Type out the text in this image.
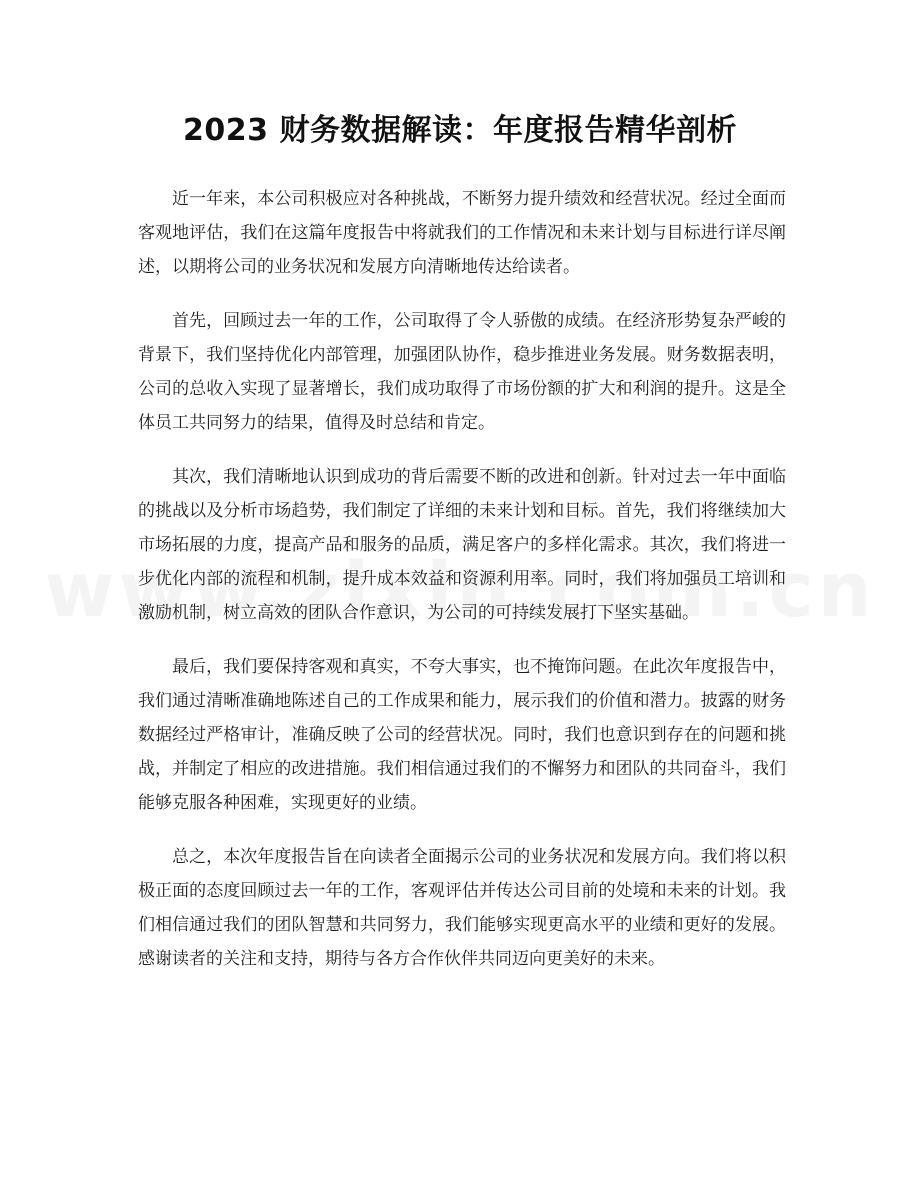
2023 财务数据解读：年度报告精华剖析

近一年来，本公司积极应对各种挑战，不断努力提升绩效和经营状况。经过全面而客观地评估，我们在这篇年度报告中将就我们的工作情况和未来计划与目标进行详尽阐述，以期将公司的业务状况和发展方向清晰地传达给读者。

首先，回顾过去一年的工作，公司取得了令人骄傲的成绩。在经济形势复杂严峻的背景下，我们坚持优化内部管理，加强团队协作，稳步推进业务发展。财务数据表明，公司的总收入实现了显著增长，我们成功取得了市场份额的扩大和利润的提升。这是全体员工共同努力的结果，值得及时总结和肯定。

其次，我们清晰地认识到成功的背后需要不断的改进和创新。针对过去一年中面临的挑战以及分析市场趋势，我们制定了详细的未来计划和目标。首先，我们将继续加大市场拓展的力度，提高产品和服务的品质，满足客户的多样化需求。其次，我们将进一步优化内部的流程和机制，提升成本效益和资源利用率。同时，我们将加强员工培训和激励机制，树立高效的团队合作意识，为公司的可持续发展打下坚实基础。

最后，我们要保持客观和真实，不夸大事实，也不掩饰问题。在此次年度报告中，我们通过清晰准确地陈述自己的工作成果和能力，展示我们的价值和潜力。披露的财务数据经过严格审计，准确反映了公司的经营状况。同时，我们也意识到存在的问题和挑战，并制定了相应的改进措施。我们相信通过我们的不懈努力和团队的共同奋斗，我们能够克服各种困难，实现更好的业绩。

总之，本次年度报告旨在向读者全面揭示公司的业务状况和发展方向。我们将以积极正面的态度回顾过去一年的工作，客观评估并传达公司目前的处境和未来的计划。我们相信通过我们的团队智慧和共同努力，我们能够实现更高水平的业绩和更好的发展。感谢读者的关注和支持，期待与各方合作伙伴共同迈向更美好的未来。
